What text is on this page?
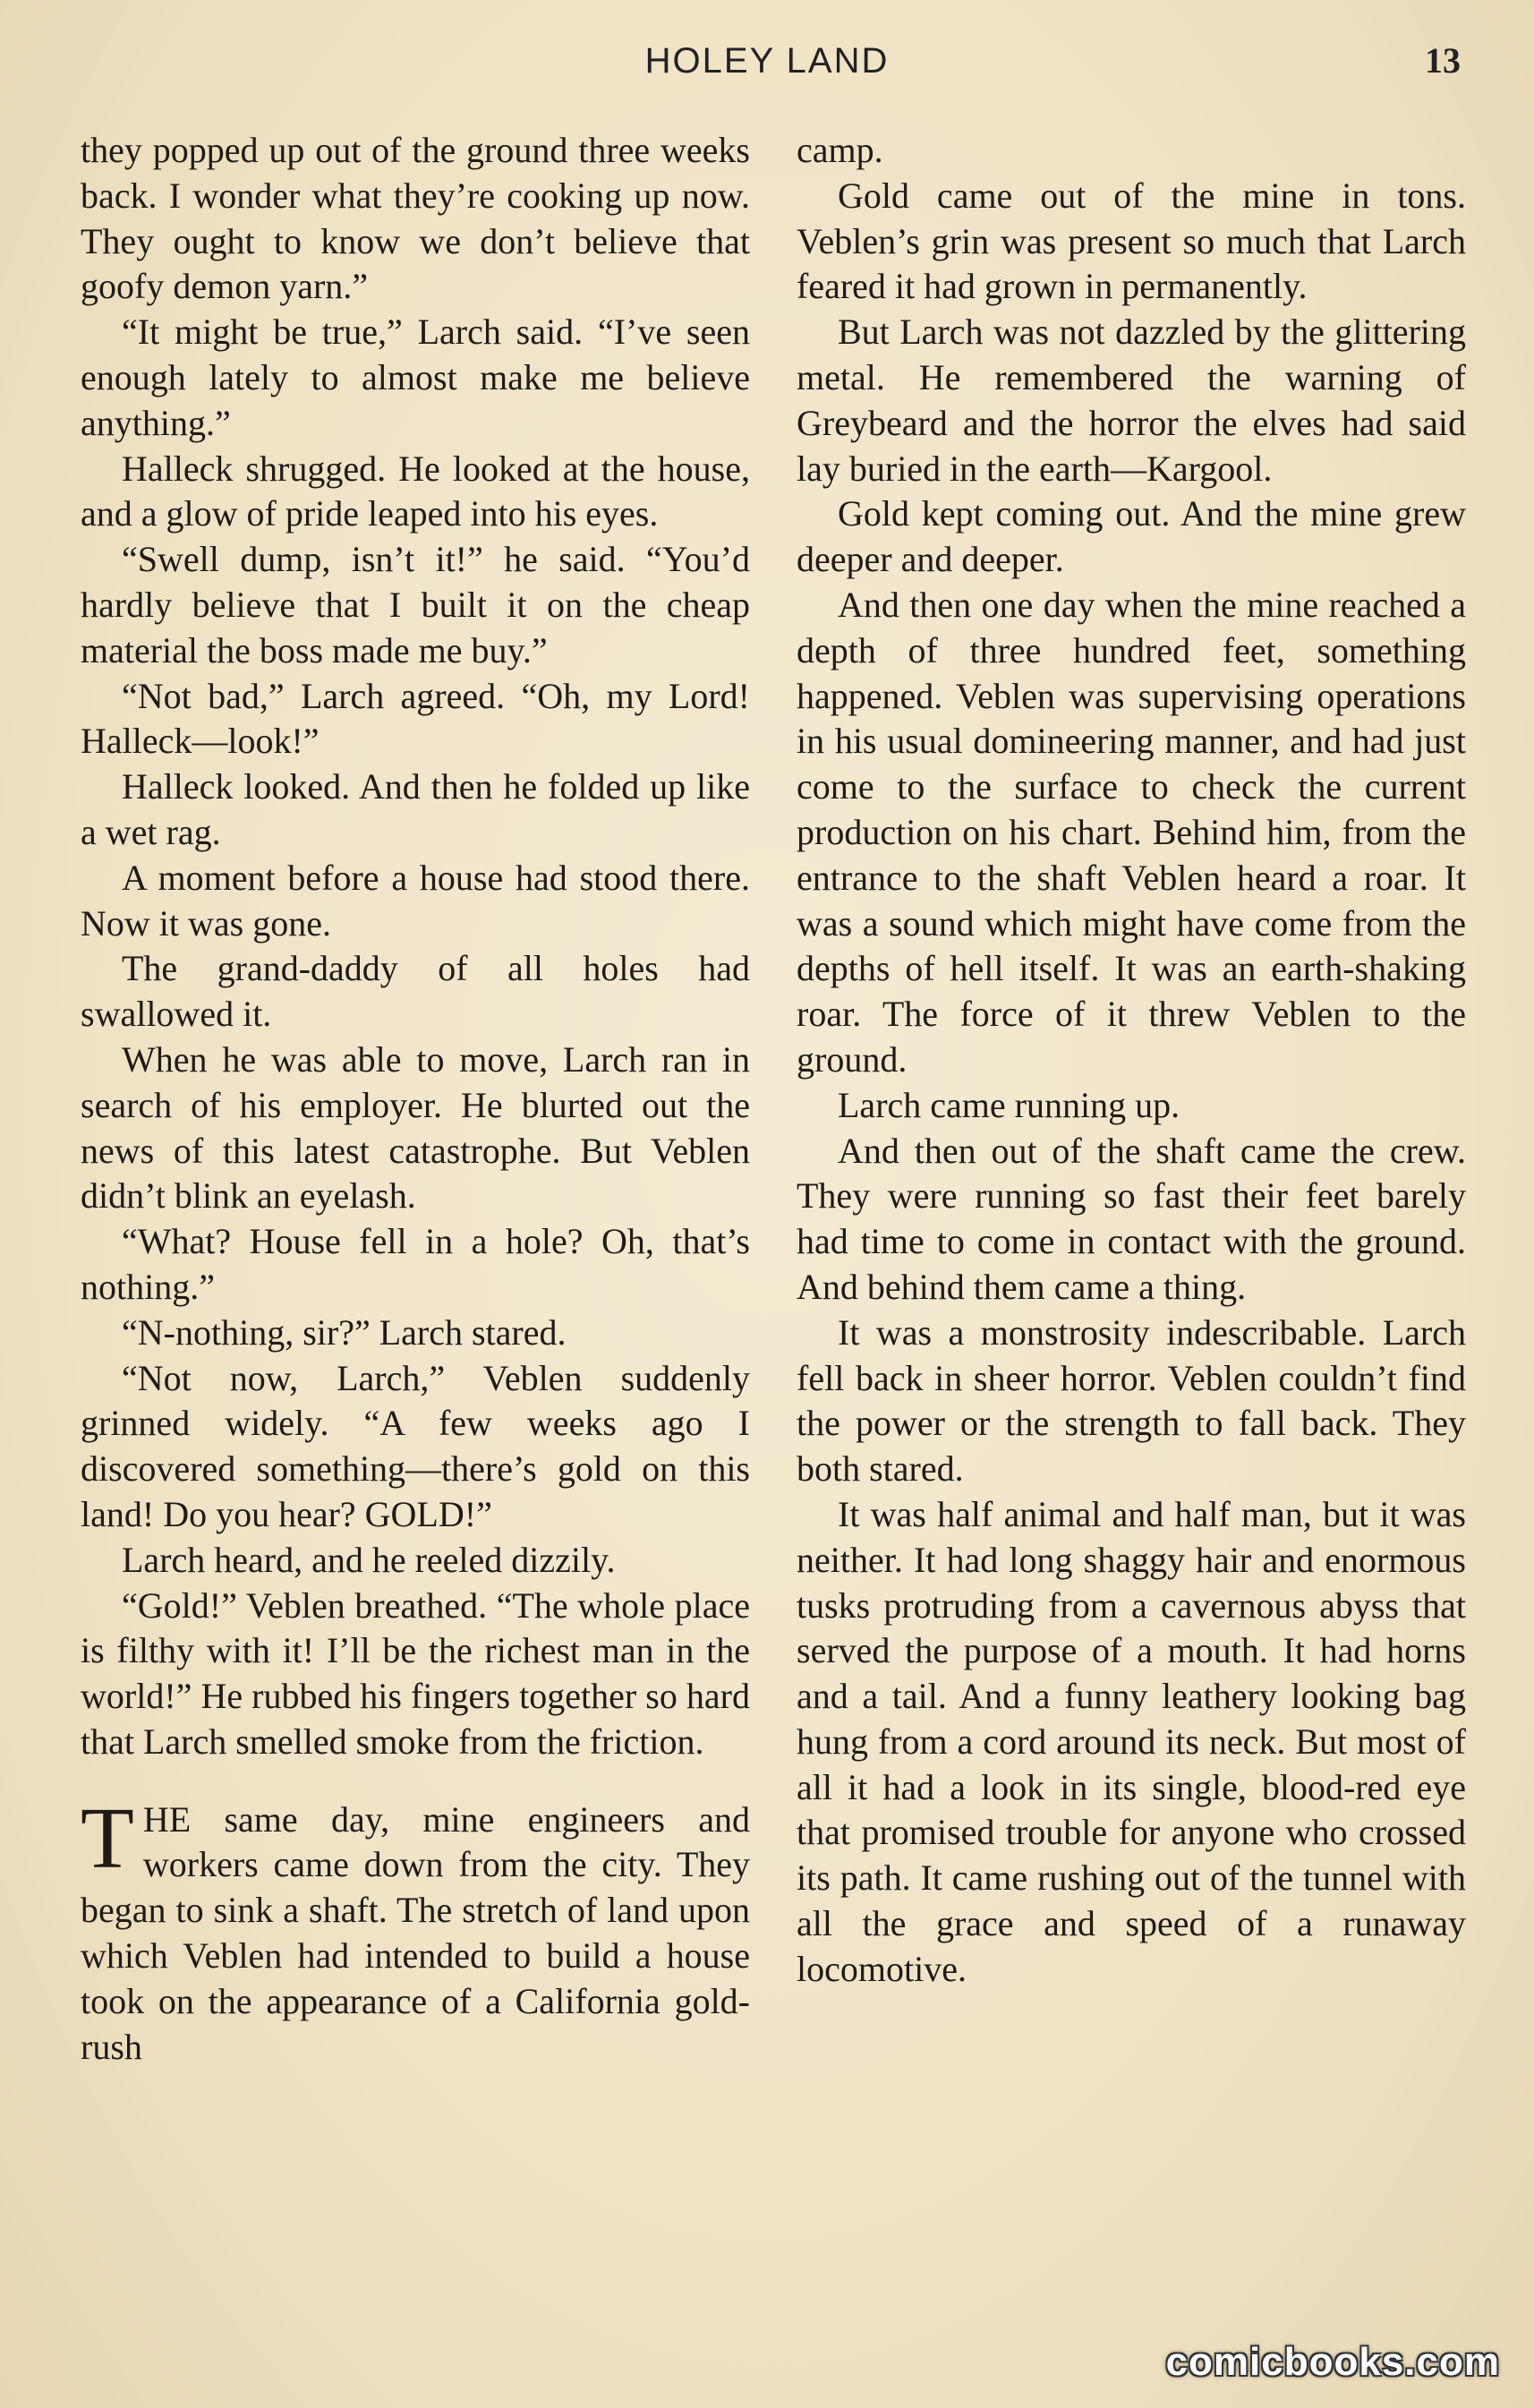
HOLEY LAND	13

they popped up out of the ground three weeks back. I wonder what they’re cooking up now. They ought to know we don’t believe that goofy demon yarn.”

“It might be true,” Larch said. “I’ve seen enough lately to almost make me believe anything.”

Halleck shrugged. He looked at the house, and a glow of pride leaped into his eyes.

“Swell dump, isn’t it!” he said. “You’d hardly believe that I built it on the cheap material the boss made me buy.”

“Not bad,” Larch agreed. “Oh, my Lord! Halleck—look!”

Halleck looked. And then he folded up like a wet rag.

A moment before a house had stood there. Now it was gone.

The grand-daddy of all holes had swallowed it.

When he was able to move, Larch ran in search of his employer. He blurted out the news of this latest catastrophe. But Veblen didn’t blink an eyelash.

“What? House fell in a hole? Oh, that’s nothing.”

“N-nothing, sir?” Larch stared.

“Not now, Larch,” Veblen suddenly grinned widely. “A few weeks ago I discovered something—there’s gold on this land! Do you hear? GOLD!”

Larch heard, and he reeled dizzily.

“Gold!” Veblen breathed. “The whole place is filthy with it! I’ll be the richest man in the world!” He rubbed his fingers together so hard that Larch smelled smoke from the friction.

THE same day, mine engineers and workers came down from the city. They began to sink a shaft. The stretch of land upon which Veblen had intended to build a house took on the appearance of a California gold-rush

camp.

Gold came out of the mine in tons. Veblen’s grin was present so much that Larch feared it had grown in permanently.

But Larch was not dazzled by the glittering metal. He remembered the warning of Greybeard and the horror the elves had said lay buried in the earth—Kargool.

Gold kept coming out. And the mine grew deeper and deeper.

And then one day when the mine reached a depth of three hundred feet, something happened. Veblen was supervising operations in his usual domineering manner, and had just come to the surface to check the current production on his chart. Behind him, from the entrance to the shaft Veblen heard a roar. It was a sound which might have come from the depths of hell itself. It was an earth-shaking roar. The force of it threw Veblen to the ground.

Larch came running up.

And then out of the shaft came the crew. They were running so fast their feet barely had time to come in contact with the ground. And behind them came a thing.

It was a monstrosity indescribable. Larch fell back in sheer horror. Veblen couldn’t find the power or the strength to fall back. They both stared.

It was half animal and half man, but it was neither. It had long shaggy hair and enormous tusks protruding from a cavernous abyss that served the purpose of a mouth. It had horns and a tail. And a funny leathery looking bag hung from a cord around its neck. But most of all it had a look in its single, blood-red eye that promised trouble for anyone who crossed its path. It came rushing out of the tunnel with all the grace and speed of a runaway locomotive.

comicbooks.com
